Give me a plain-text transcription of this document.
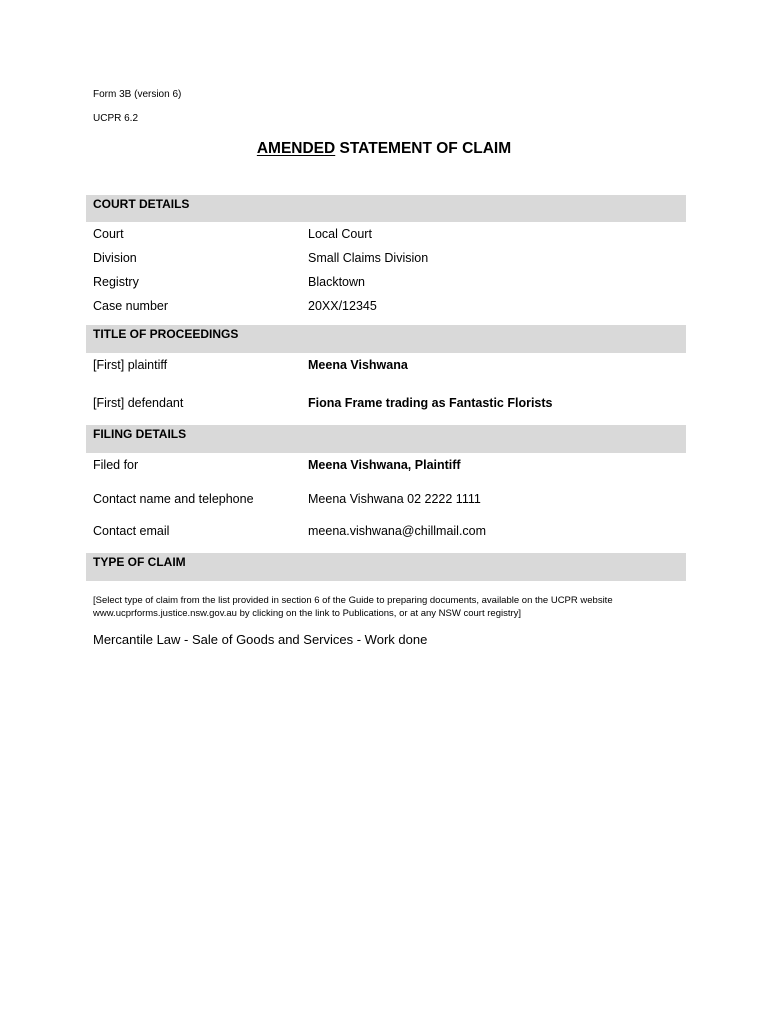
Form 3B (version 6)
UCPR 6.2
AMENDED STATEMENT OF CLAIM
COURT DETAILS
Court	Local Court
Division	Small Claims Division
Registry	Blacktown
Case number	20XX/12345
TITLE OF PROCEEDINGS
[First] plaintiff	Meena Vishwana
[First] defendant	Fiona Frame trading as Fantastic Florists
FILING DETAILS
Filed for	Meena Vishwana, Plaintiff
Contact name and telephone	Meena Vishwana 02 2222 1111
Contact email	meena.vishwana@chillmail.com
TYPE OF CLAIM
[Select type of claim from the list provided in section 6 of the Guide to preparing documents, available on the UCPR website www.ucprforms.justice.nsw.gov.au by clicking on the link to Publications, or at any NSW court registry]
Mercantile Law - Sale of Goods and Services - Work done
